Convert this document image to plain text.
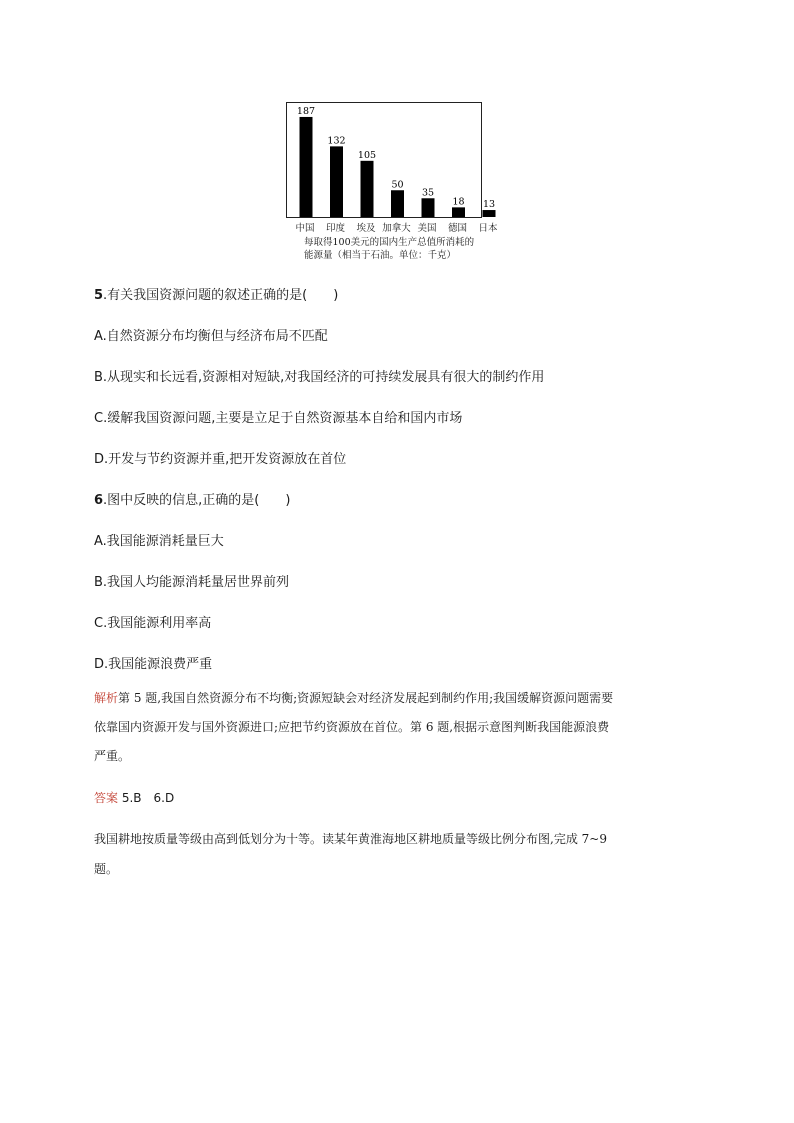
187
132
105
50
35
18 13
中国 印度 埃及 加拿大 美国 德国 日本
每取得100美元的国内生产总值所消耗的
能源量（相当于石油。单位：千克）
5.有关我国资源问题的叙述正确的是(　　)
A.自然资源分布均衡但与经济布局不匹配
B.从现实和长远看,资源相对短缺,对我国经济的可持续发展具有很大的制约作用
C.缓解我国资源问题,主要是立足于自然资源基本自给和国内市场
D.开发与节约资源并重,把开发资源放在首位
6.图中反映的信息,正确的是(　　)
A.我国能源消耗量巨大
B.我国人均能源消耗量居世界前列
C.我国能源利用率高
D.我国能源浪费严重
解析第 5 题,我国自然资源分布不均衡;资源短缺会对经济发展起到制约作用;我国缓解资源问题需要
依靠国内资源开发与国外资源进口;应把节约资源放在首位。第 6 题,根据示意图判断我国能源浪费
严重。
答案 5.B　6.D
我国耕地按质量等级由高到低划分为十等。读某年黄淮海地区耕地质量等级比例分布图,完成 7~9
题。
